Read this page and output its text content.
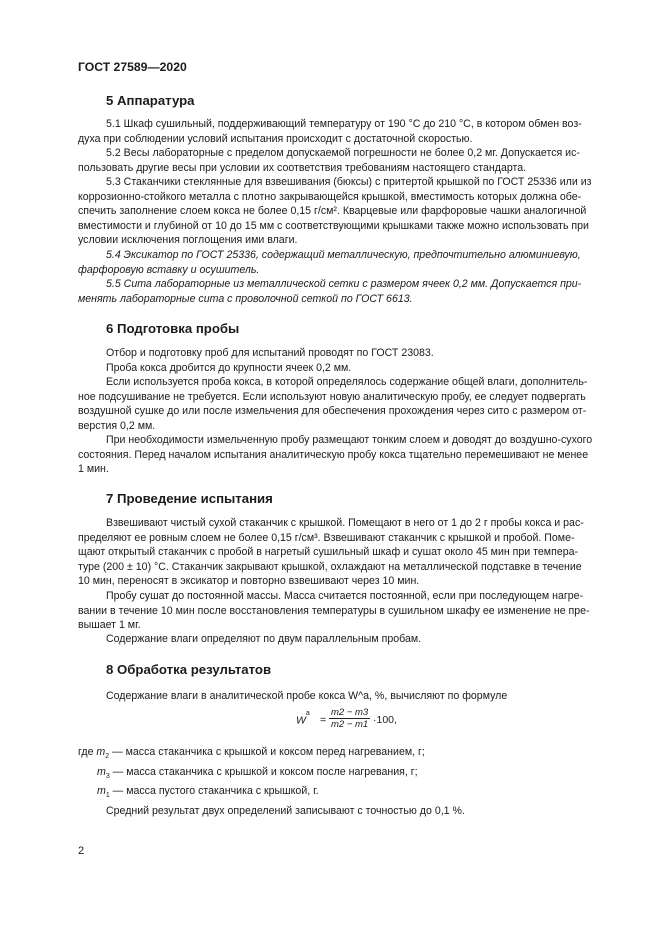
ГОСТ 27589—2020
5 Аппаратура
5.1 Шкаф сушильный, поддерживающий температуру от 190 °С до 210 °С, в котором обмен воз-
духа при соблюдении условий испытания происходит с достаточной скоростью.
5.2 Весы лабораторные с пределом допускаемой погрешности не более 0,2 мг. Допускается ис-
пользовать другие весы при условии их соответствия требованиям настоящего стандарта.
5.3 Стаканчики стеклянные для взвешивания (бюксы) с притертой крышкой по ГОСТ 25336 или из
коррозионно-стойкого металла с плотно закрывающейся крышкой, вместимость которых должна обе-
спечить заполнение слоем кокса не более 0,15 г/см². Кварцевые или фарфоровые чашки аналогичной
вместимости и глубиной от 10 до 15 мм с соответствующими крышками также можно использовать при
условии исключения поглощения ими влаги.
5.4 Эксикатор по ГОСТ 25336, содержащий металлическую, предпочтительно алюминиевую,
фарфоровую вставку и осушитель.
5.5 Сита лабораторные из металлической сетки с размером ячеек 0,2 мм. Допускается при-
менять лабораторные сита с проволочной сеткой по ГОСТ 6613.
6 Подготовка пробы
Отбор и подготовку проб для испытаний проводят по ГОСТ 23083.
Проба кокса дробится до крупности ячеек 0,2 мм.
Если используется проба кокса, в которой определялось содержание общей влаги, дополнитель-
ное подсушивание не требуется. Если используют новую аналитическую пробу, ее следует подвергать
воздушной сушке до или после измельчения для обеспечения прохождения через сито с размером от-
верстия 0,2 мм.
При необходимости измельченную пробу размещают тонким слоем и доводят до воздушно-сухого
состояния. Перед началом испытания аналитическую пробу кокса тщательно перемешивают не менее
1 мин.
7 Проведение испытания
Взвешивают чистый сухой стаканчик с крышкой. Помещают в него от 1 до 2 г пробы кокса и рас-
пределяют ее ровным слоем не более 0,15 г/см³. Взвешивают стаканчик с крышкой и пробой. Поме-
щают открытый стаканчик с пробой в нагретый сушильный шкаф и сушат около 45 мин при темпера-
туре (200 ± 10) °С. Стаканчик закрывают крышкой, охлаждают на металлической подставке в течение
10 мин, переносят в эксикатор и повторно взвешивают через 10 мин.
Пробу сушат до постоянной массы. Масса считается постоянной, если при последующем нагре-
вании в течение 10 мин после восстановления температуры в сушильном шкафу ее изменение не пре-
вышает 1 мг.
Содержание влаги определяют по двум параллельным пробам.
8 Обработка результатов
Содержание влаги в аналитической пробе кокса W^a, %, вычисляют по формуле
$W^a$
= $\frac{m2 - m3}{m2 - m1} \cdot 100$,
где $m_2$ — масса стаканчика с крышкой и коксом перед нагреванием, г;
$m_3$ — масса стаканчика с крышкой и коксом после нагревания, г;
$m_1$ — масса пустого стаканчика с крышкой, г.
Средний результат двух определений записывают с точностью до 0,1 %.
2
